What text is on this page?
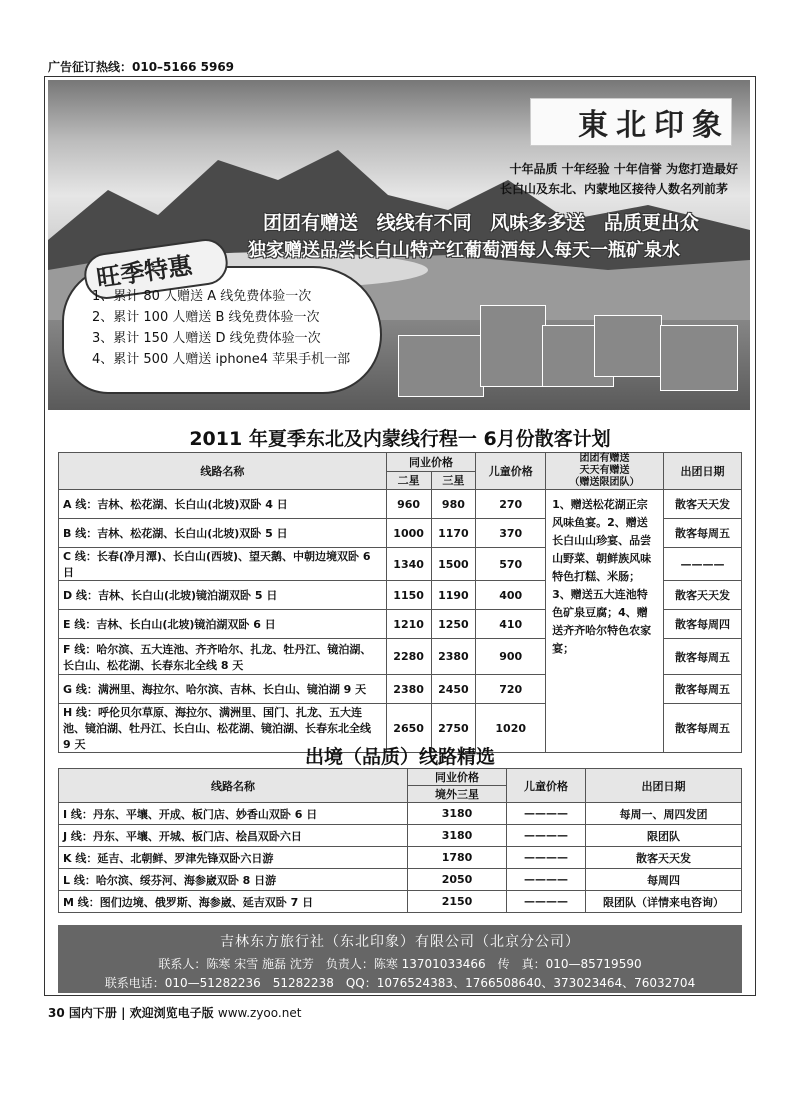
广告征订热线：010–5166 5969
東北印象
十年品质 十年经验 十年信誉 为您打造最好
长白山及东北、内蒙地区接待人数名列前茅
团团有赠送 线线有不同 风味多多送 品质更出众
独家赠送品尝长白山特产红葡萄酒每人每天一瓶矿泉水
旺季特惠
1、累计 80 人赠送 A 线免费体验一次
2、累计 100 人赠送 B 线免费体验一次
3、累计 150 人赠送 D 线免费体验一次
4、累计 500 人赠送 iphone4 苹果手机一部
2011 年夏季东北及内蒙线行程一 6月份散客计划
线路名称	同业价格		儿童价格	团团有赠送
天天有赠送
（赠送限团队）	出团日期
	二星	三星			
A 线：吉林、松花湖、长白山(北坡)双卧 4 日	960	980	270	1、赠送松花湖正宗风味鱼宴。2、赠送长白山山珍宴、品尝山野菜、朝鲜族风味特色打糕、米肠；3、赠送五大连池特色矿泉豆腐；4、赠送齐齐哈尔特色农家宴；	散客天天发
B 线：吉林、松花湖、长白山(北坡)双卧 5 日	1000	1170	370		散客每周五
C 线：长春(净月潭)、长白山(西坡)、望天鹅、中朝边境双卧 6 日	1340	1500	570		————
D 线：吉林、长白山(北坡)镜泊湖双卧 5 日	1150	1190	400		散客天天发
E 线：吉林、长白山(北坡)镜泊湖双卧 6 日	1210	1250	410		散客每周四
F 线：哈尔滨、五大连池、齐齐哈尔、扎龙、牡丹江、镜泊湖、长白山、松花湖、长春东北全线 8 天	2280	2380	900		散客每周五
G 线：满洲里、海拉尔、哈尔滨、吉林、长白山、镜泊湖 9 天	2380	2450	720		散客每周五
H 线：呼伦贝尔草原、海拉尔、满洲里、国门、扎龙、五大连池、镜泊湖、牡丹江、长白山、松花湖、镜泊湖、长春东北全线 9 天	2650	2750	1020		散客每周五
出境（品质）线路精选
线路名称	同业价格	儿童价格	出团日期
	境外三星		
I 线：丹东、平壤、开成、板门店、妙香山双卧 6 日	3180	————	每周一、周四发团
J 线：丹东、平壤、开城、板门店、桧昌双卧六日	3180	————	限团队
K 线：延吉、北朝鲜、罗津先锋双卧六日游	1780	————	散客天天发
L 线：哈尔滨、绥芬河、海参崴双卧 8 日游	2050	————	每周四
M 线：图们边境、俄罗斯、海参崴、延吉双卧 7 日	2150	————	限团队（详情来电咨询）
吉林东方旅行社（东北印象）有限公司（北京分公司）
联系人：陈寒 宋雪 施磊 沈芳　负责人：陈寒 13701033466　传　真：010—85719590
联系电话：010—51282236　51282238　QQ：1076524383、1766508640、373023464、76032704
30 国内下册 | 欢迎浏览电子版 www.zyoo.net
